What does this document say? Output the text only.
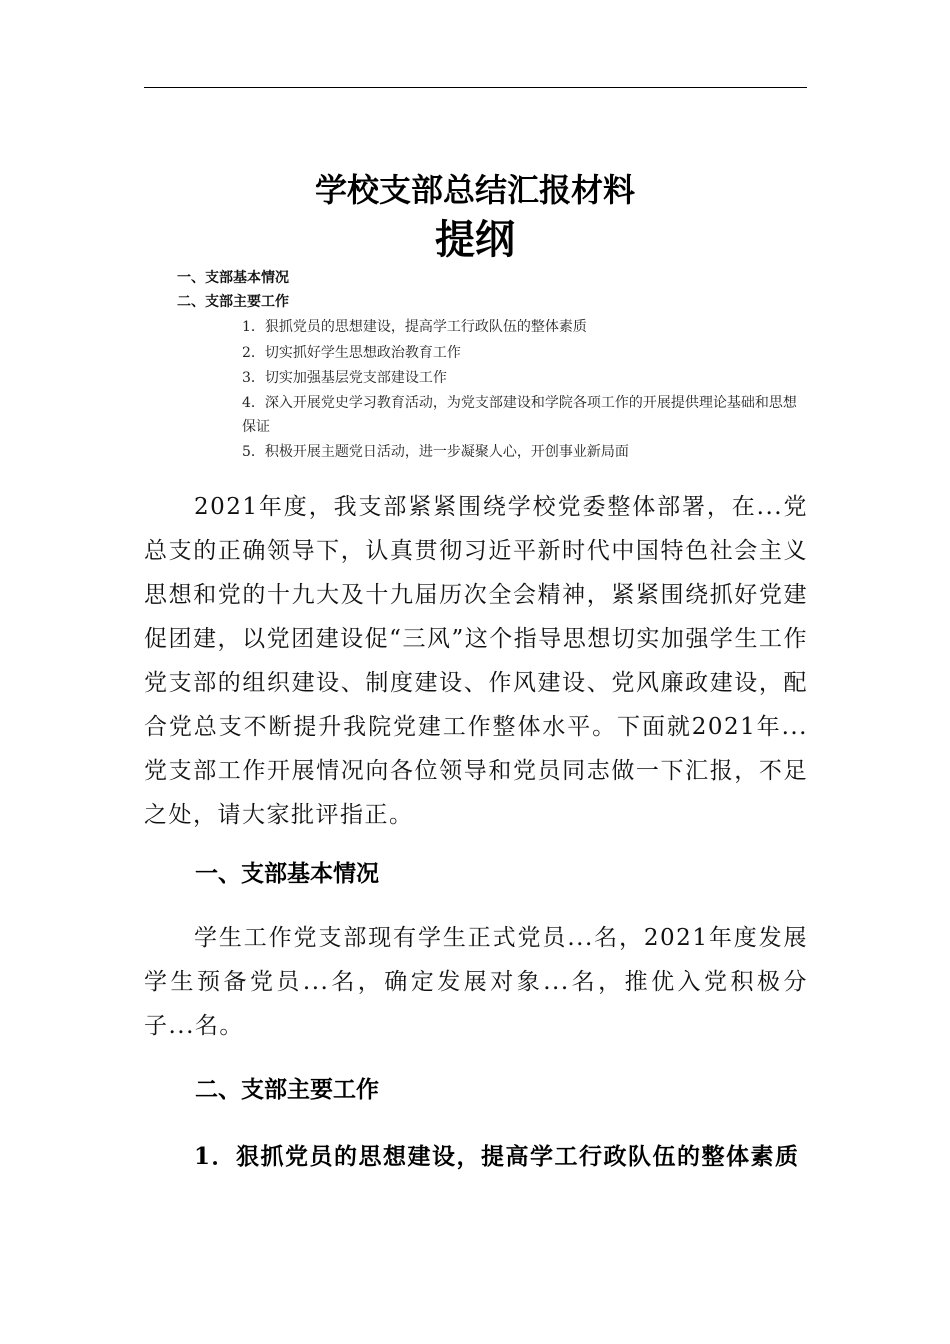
学校支部总结汇报材料
提纲
一、支部基本情况
二、支部主要工作
1．狠抓党员的思想建设，提高学工行政队伍的整体素质
2．切实抓好学生思想政治教育工作
3．切实加强基层党支部建设工作
4．深入开展党史学习教育活动，为党支部建设和学院各项工作的开展提供理论基础和思想保证
5．积极开展主题党日活动，进一步凝聚人心，开创事业新局面

2021年度，我支部紧紧围绕学校党委整体部署，在...党总支的正确领导下，认真贯彻习近平新时代中国特色社会主义思想和党的十九大及十九届历次全会精神，紧紧围绕抓好党建促团建，以党团建设促“三风”这个指导思想切实加强学生工作党支部的组织建设、制度建设、作风建设、党风廉政建设，配合党总支不断提升我院党建工作整体水平。下面就2021年...党支部工作开展情况向各位领导和党员同志做一下汇报，不足之处，请大家批评指正。

一、支部基本情况

学生工作党支部现有学生正式党员...名，2021年度发展学生预备党员...名，确定发展对象...名，推优入党积极分子...名。

二、支部主要工作

1．狠抓党员的思想建设，提高学工行政队伍的整体素质
